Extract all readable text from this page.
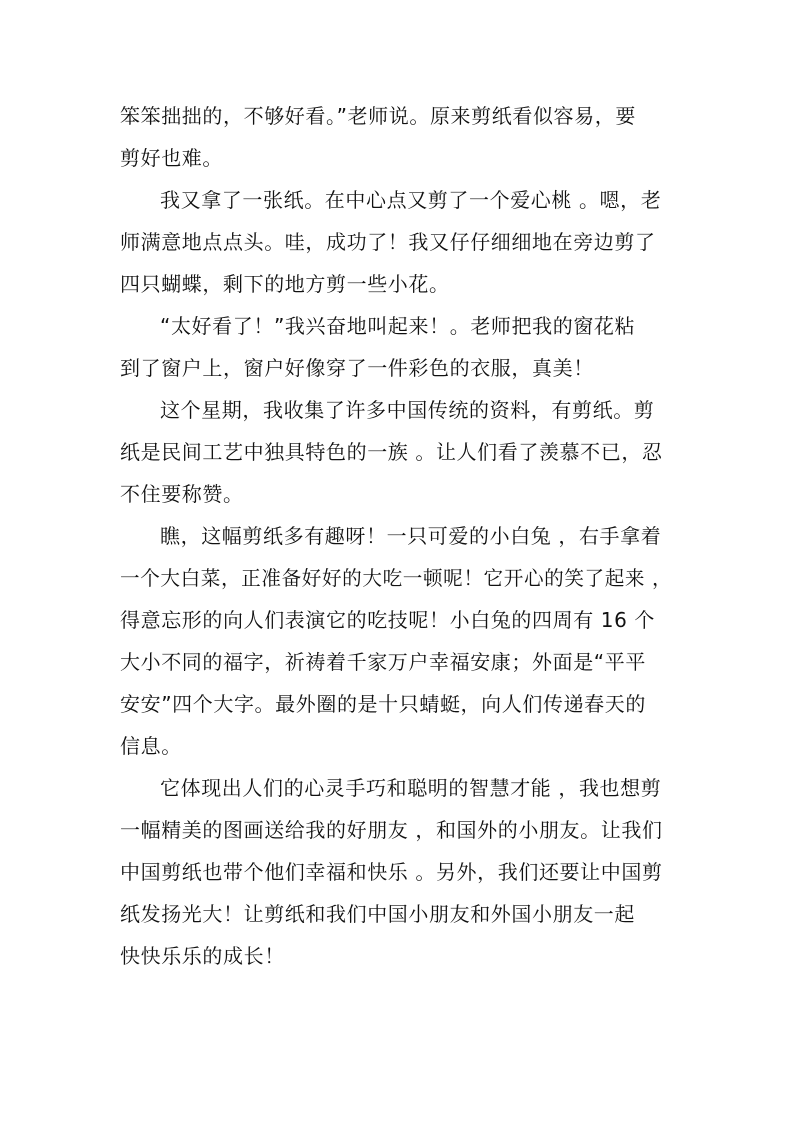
笨笨拙拙的，不够好看。”老师说。原来剪纸看似容易，要
剪好也难。
我又拿了一张纸。在中心点又剪了一个爱心桃 。嗯，老
师满意地点点头。哇，成功了！我又仔仔细细地在旁边剪了
四只蝴蝶，剩下的地方剪一些小花。
“太好看了！”我兴奋地叫起来！。老师把我的窗花粘
到了窗户上，窗户好像穿了一件彩色的衣服，真美！
这个星期，我收集了许多中国传统的资料，有剪纸。剪
纸是民间工艺中独具特色的一族 。让人们看了羡慕不已，忍
不住要称赞。
瞧，这幅剪纸多有趣呀！一只可爱的小白兔 ，右手拿着
一个大白菜，正准备好好的大吃一顿呢！它开心的笑了起来 ，
得意忘形的向人们表演它的吃技呢！小白兔的四周有 16 个
大小不同的福字，祈祷着千家万户幸福安康；外面是“平平
安安”四个大字。最外圈的是十只蜻蜓，向人们传递春天的
信息。
它体现出人们的心灵手巧和聪明的智慧才能 ，我也想剪
一幅精美的图画送给我的好朋友 ，和国外的小朋友。让我们
中国剪纸也带个他们幸福和快乐 。另外，我们还要让中国剪
纸发扬光大！让剪纸和我们中国小朋友和外国小朋友一起
快快乐乐的成长！
